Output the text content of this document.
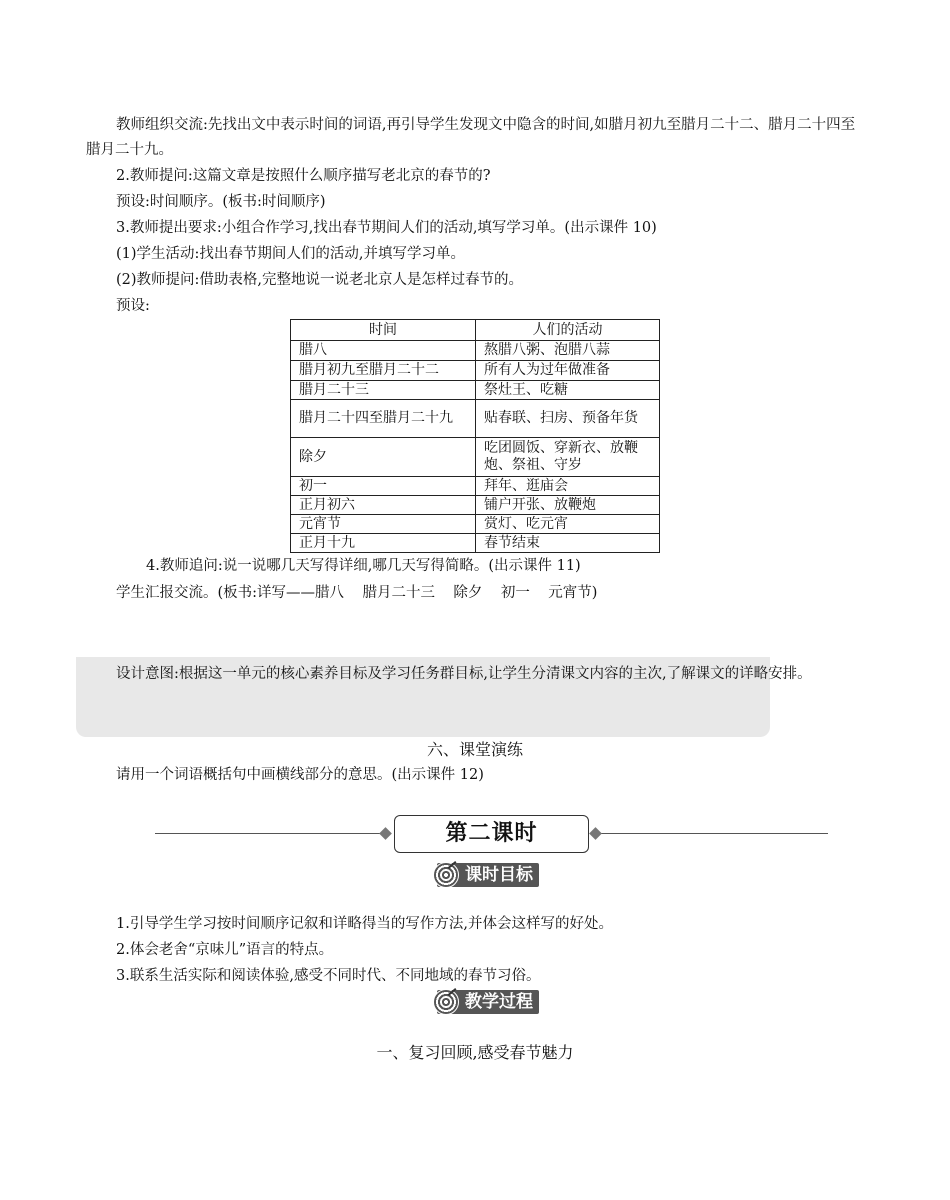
教师组织交流:先找出文中表示时间的词语,再引导学生发现文中隐含的时间,如腊月初九至腊月二十二、腊月二十四至腊月二十九。
2.教师提问:这篇文章是按照什么顺序描写老北京的春节的?
预设:时间顺序。(板书:时间顺序)
3.教师提出要求:小组合作学习,找出春节期间人们的活动,填写学习单。(出示课件 10)
(1)学生活动:找出春节期间人们的活动,并填写学习单。
(2)教师提问:借助表格,完整地说一说老北京人是怎样过春节的。
预设:
时间	人们的活动
腊八	熬腊八粥、泡腊八蒜
腊月初九至腊月二十二	所有人为过年做准备
腊月二十三	祭灶王、吃糖
腊月二十四至腊月二十九	贴春联、扫房、预备年货
除夕	吃团圆饭、穿新衣、放鞭炮、祭祖、守岁
初一	拜年、逛庙会
正月初六	铺户开张、放鞭炮
元宵节	赏灯、吃元宵
正月十九	春节结束
4.教师追问:说一说哪几天写得详细,哪几天写得简略。(出示课件 11)
学生汇报交流。(板书:详写——腊八    腊月二十三    除夕    初一    元宵节)
设计意图:根据这一单元的核心素养目标及学习任务群目标,让学生分清课文内容的主次,了解课文的详略安排。
六、课堂演练
请用一个词语概括句中画横线部分的意思。(出示课件 12)
第二课时
课时目标
1.引导学生学习按时间顺序记叙和详略得当的写作方法,并体会这样写的好处。
2.体会老舍“京味儿”语言的特点。
3.联系生活实际和阅读体验,感受不同时代、不同地域的春节习俗。
教学过程
一、复习回顾,感受春节魅力
